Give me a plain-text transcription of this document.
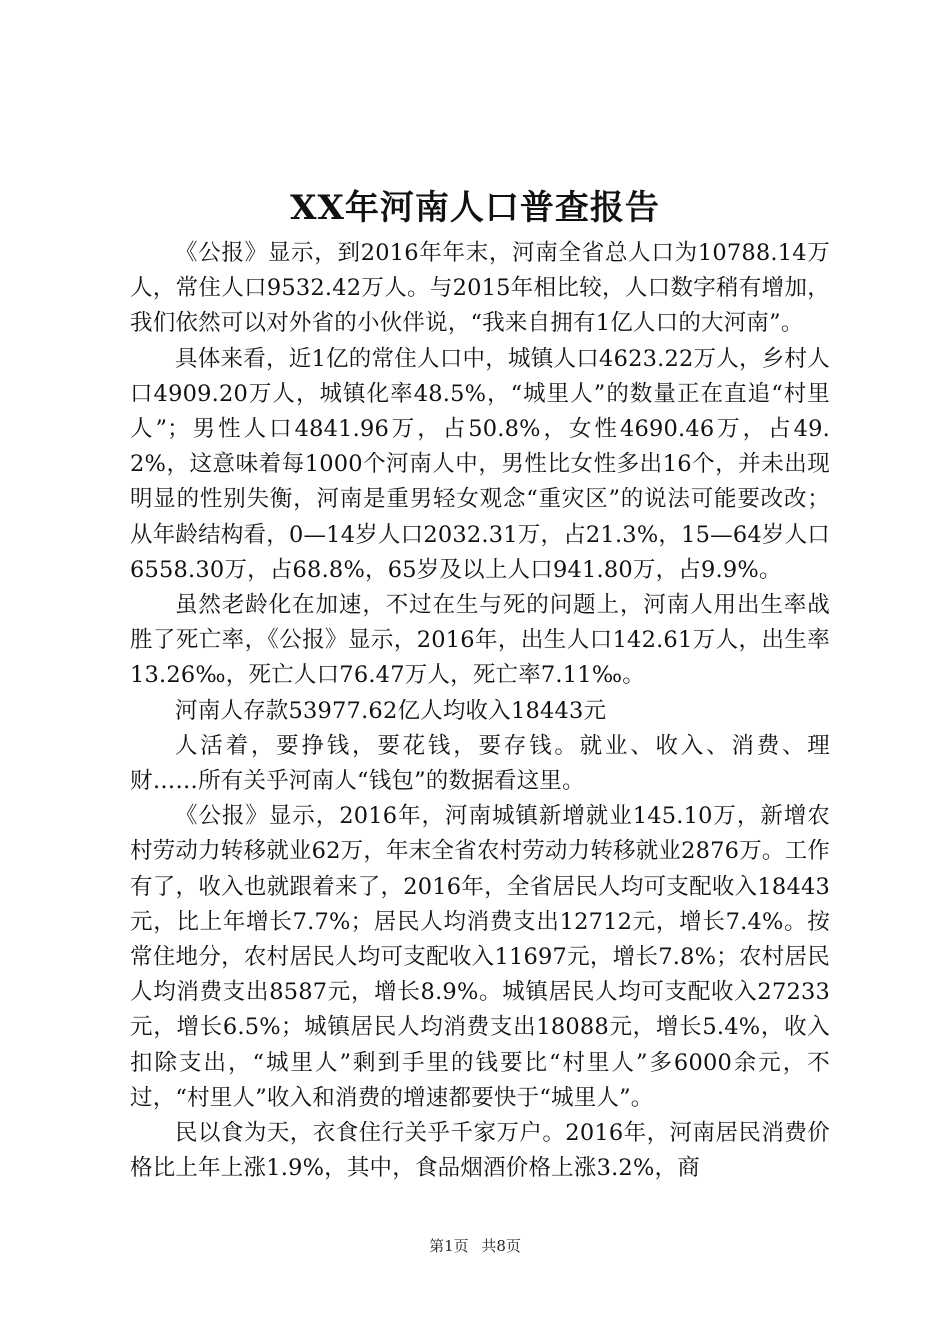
XX年河南人口普查报告

《公报》显示，到2016年年末，河南全省总人口为10788.14万人，常住人口9532.42万人。与2015年相比较，人口数字稍有增加，我们依然可以对外省的小伙伴说，“我来自拥有1亿人口的大河南”。

具体来看，近1亿的常住人口中，城镇人口4623.22万人，乡村人口4909.20万人，城镇化率48.5%，“城里人”的数量正在直追“村里人”；男性人口4841.96万，占50.8%，女性4690.46万，占49.2%，这意味着每1000个河南人中，男性比女性多出16个，并未出现明显的性别失衡，河南是重男轻女观念“重灾区”的说法可能要改改；从年龄结构看，0—14岁人口2032.31万，占21.3%，15—64岁人口6558.30万，占68.8%，65岁及以上人口941.80万，占9.9%。

虽然老龄化在加速，不过在生与死的问题上，河南人用出生率战胜了死亡率，《公报》显示，2016年，出生人口142.61万人，出生率13.26‰，死亡人口76.47万人，死亡率7.11‰。

河南人存款53977.62亿人均收入18443元

人活着，要挣钱，要花钱，要存钱。就业、收入、消费、理财……所有关乎河南人“钱包”的数据看这里。

《公报》显示，2016年，河南城镇新增就业145.10万，新增农村劳动力转移就业62万，年末全省农村劳动力转移就业2876万。工作有了，收入也就跟着来了，2016年，全省居民人均可支配收入18443元，比上年增长7.7%；居民人均消费支出12712元，增长7.4%。按常住地分，农村居民人均可支配收入11697元，增长7.8%；农村居民人均消费支出8587元，增长8.9%。城镇居民人均可支配收入27233元，增长6.5%；城镇居民人均消费支出18088元，增长5.4%，收入扣除支出，“城里人”剩到手里的钱要比“村里人”多6000余元，不过，“村里人”收入和消费的增速都要快于“城里人”。

民以食为天，衣食住行关乎千家万户。2016年，河南居民消费价格比上年上涨1.9%，其中，食品烟酒价格上涨3.2%，商

第1页 共8页
